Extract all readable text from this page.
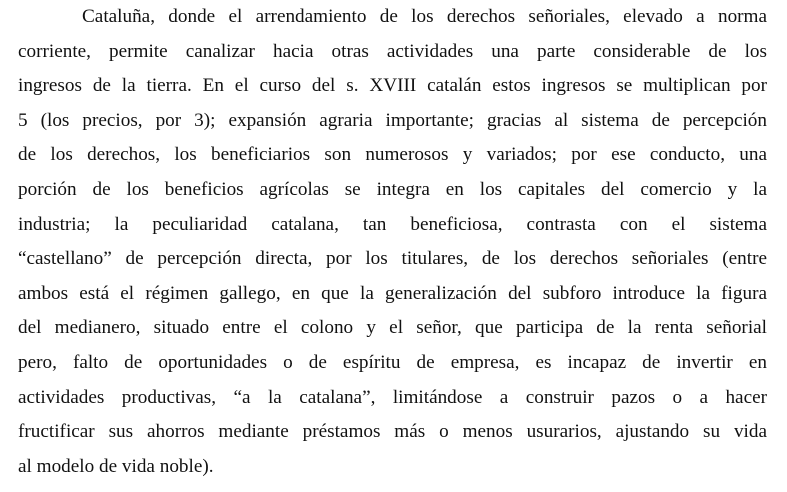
Cataluña, donde el arrendamiento de los derechos señoriales, elevado a norma
corriente, permite canalizar hacia otras actividades una parte considerable de los
ingresos de la tierra. En el curso del s. XVIII catalán estos ingresos se multiplican por
5 (los precios, por 3); expansión agraria importante; gracias al sistema de percepción
de los derechos, los beneficiarios son numerosos y variados; por ese conducto, una
porción de los beneficios agrícolas se integra en los capitales del comercio y la
industria; la peculiaridad catalana, tan beneficiosa, contrasta con el sistema
“castellano” de percepción directa, por los titulares, de los derechos señoriales (entre
ambos está el régimen gallego, en que la generalización del subforo introduce la figura
del medianero, situado entre el colono y el señor, que participa de la renta señorial
pero, falto de oportunidades o de espíritu de empresa, es incapaz de invertir en
actividades productivas, “a la catalana”, limitándose a construir pazos o a hacer
fructificar sus ahorros mediante préstamos más o menos usurarios, ajustando su vida
al modelo de vida noble).
